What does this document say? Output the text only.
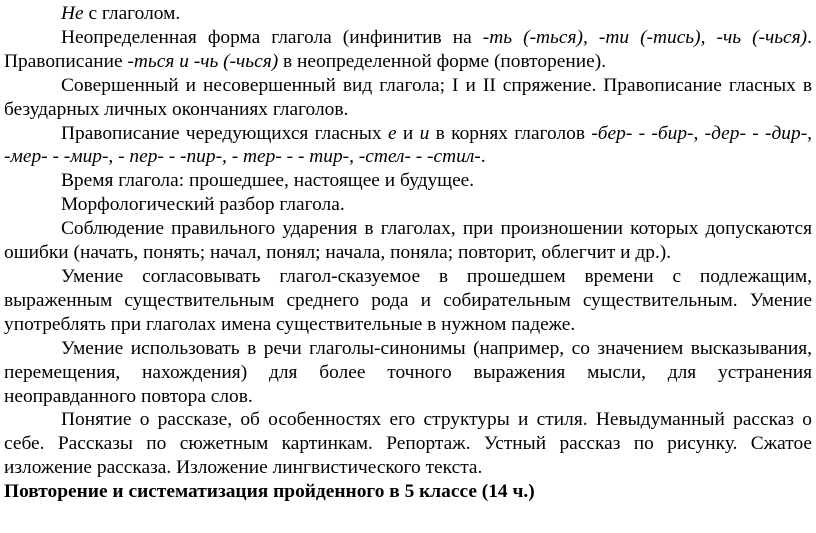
Не с глаголом.

Неопределенная форма глагола (инфинитив на -ть (-ться), -ти (-тись), -чь (-чься). Правописание -ться и -чь (-чься) в неопределенной форме (повторение).

Совершенный и несовершенный вид глагола; I и II спряжение. Правописание гласных в безударных личных окончаниях глаголов.

Правописание чередующихся гласных е и и в корнях глаголов -бер- - -бир-, -дер- - -дир-, -мер- - -мир-, - пер- - -пир-, - тер- - - тир-, -стел- - -стил-.

Время глагола: прошедшее, настоящее и будущее.

Морфологический разбор глагола.

Соблюдение правильного ударения в глаголах, при произношении которых допускаются ошибки (начать, понять; начал, понял; начала, поняла; повторит, облегчит и др.).

Умение согласовывать глагол-сказуемое в прошедшем времени с подлежащим, выраженным существительным среднего рода и собирательным существительным. Умение употреблять при глаголах имена существительные в нужном падеже.

Умение использовать в речи глаголы-синонимы (например, со значением высказывания, перемещения, нахождения) для более точного выражения мысли, для устранения неоправданного повтора слов.

Понятие о рассказе, об особенностях его структуры и стиля. Невыдуманный рассказ о себе. Рассказы по сюжетным картинкам. Репортаж. Устный рассказ по рисунку. Сжатое изложение рассказа. Изложение лингвистического текста.

Повторение и систематизация пройденного в 5 классе (14 ч.)
